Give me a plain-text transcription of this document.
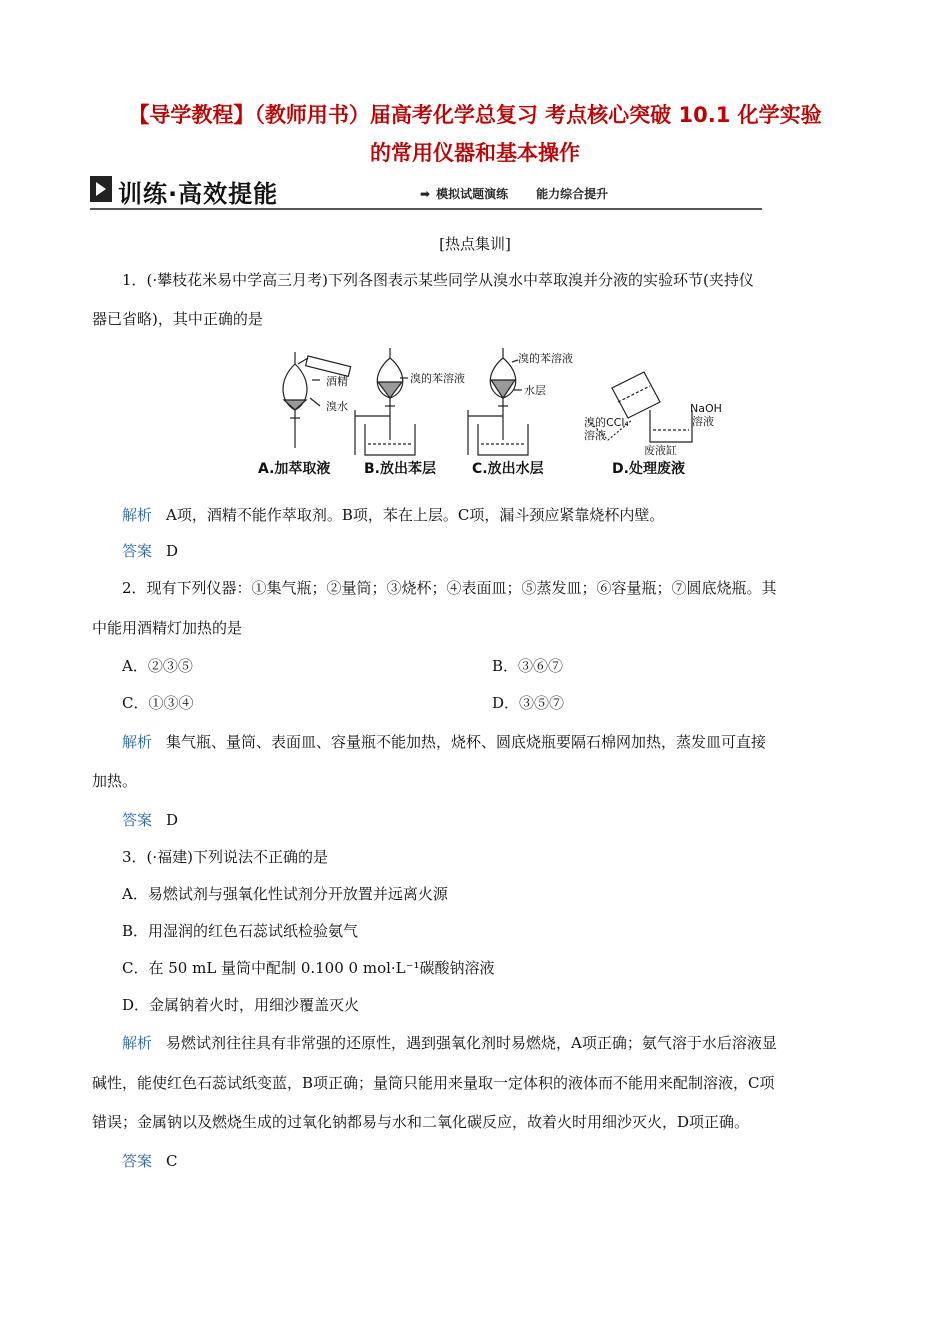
【导学教程】（教师用书）届高考化学总复习 考点核心突破 10.1 化学实验
的常用仪器和基本操作
训练·高效提能	➡ 模拟试题演练 能力综合提升
[热点集训]
1．(·攀枝花米易中学高三月考)下列各图表示某些同学从溴水中萃取溴并分液的实验环节(夹持仪
器已省略)，其中正确的是
酒精
溴水
溴的苯溶液
溴的苯溶液
水层
溴的CCl₄
溶液
NaOH
溶液
废液缸
A.加萃取液 B.放出苯层	C.放出水层	D.处理废液
解析 A项，酒精不能作萃取剂。B项，苯在上层。C项，漏斗颈应紧靠烧杯内壁。
答案 D
2．现有下列仪器：①集气瓶；②量筒；③烧杯；④表面皿；⑤蒸发皿；⑥容量瓶；⑦圆底烧瓶。其
中能用酒精灯加热的是
A．②③⑤	B．③⑥⑦
C．①③④	D．③⑤⑦
解析 集气瓶、量筒、表面皿、容量瓶不能加热，烧杯、圆底烧瓶要隔石棉网加热，蒸发皿可直接
加热。
答案 D
3．(·福建)下列说法不正确的是
A．易燃试剂与强氧化性试剂分开放置并远离火源
B．用湿润的红色石蕊试纸检验氨气
C．在 50 mL 量筒中配制 0.100 0 mol·L⁻¹碳酸钠溶液
D．金属钠着火时，用细沙覆盖灭火
解析 易燃试剂往往具有非常强的还原性，遇到强氧化剂时易燃烧，A项正确；氨气溶于水后溶液显
碱性，能使红色石蕊试纸变蓝，B项正确；量筒只能用来量取一定体积的液体而不能用来配制溶液，C项
错误；金属钠以及燃烧生成的过氧化钠都易与水和二氧化碳反应，故着火时用细沙灭火，D项正确。
答案 C
